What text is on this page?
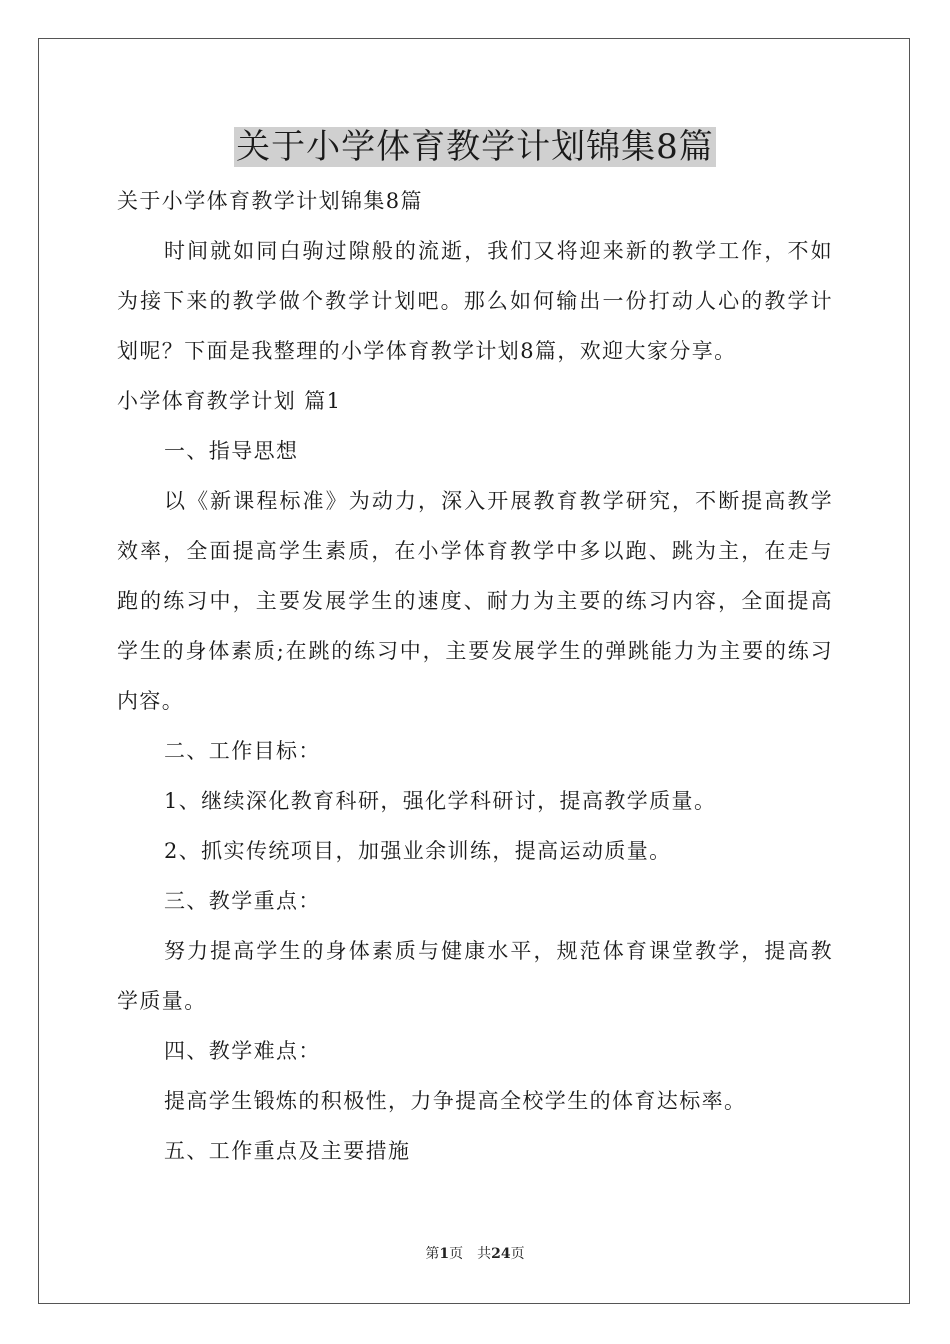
关于小学体育教学计划锦集8篇

关于小学体育教学计划锦集8篇

时间就如同白驹过隙般的流逝，我们又将迎来新的教学工作，不如为接下来的教学做个教学计划吧。那么如何输出一份打动人心的教学计划呢？下面是我整理的小学体育教学计划8篇，欢迎大家分享。

小学体育教学计划 篇1

一、指导思想

以《新课程标准》为动力，深入开展教育教学研究，不断提高教学效率，全面提高学生素质，在小学体育教学中多以跑、跳为主，在走与跑的练习中，主要发展学生的速度、耐力为主要的练习内容，全面提高学生的身体素质;在跳的练习中，主要发展学生的弹跳能力为主要的练习内容。

二、工作目标：

1、继续深化教育科研，强化学科研讨，提高教学质量。

2、抓实传统项目，加强业余训练，提高运动质量。

三、教学重点：

努力提高学生的身体素质与健康水平，规范体育课堂教学，提高教学质量。

四、教学难点：

提高学生锻炼的积极性，力争提高全校学生的体育达标率。

五、工作重点及主要措施

第1页　共24页
